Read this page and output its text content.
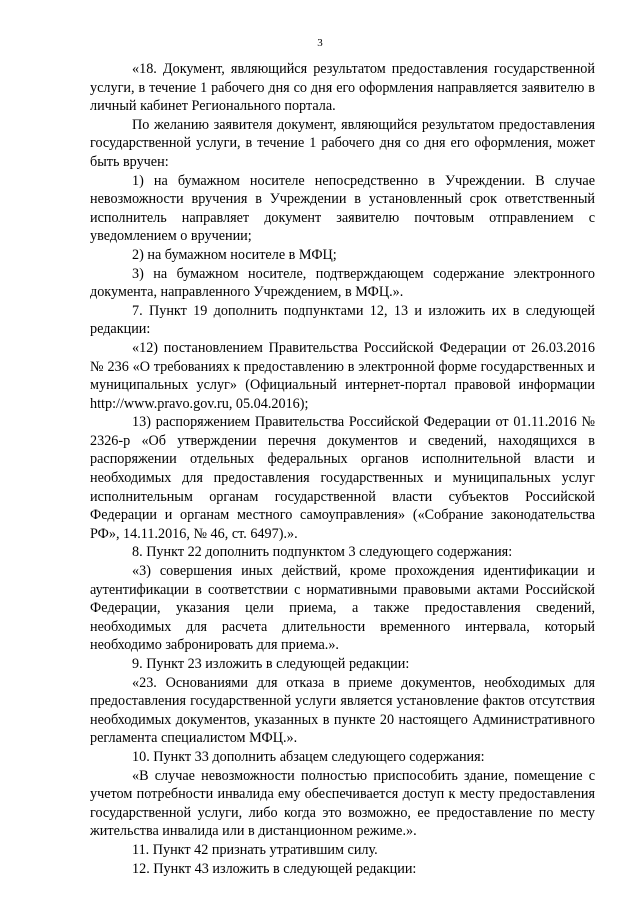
3

«18. Документ, являющийся результатом предоставления государственной услуги, в течение 1 рабочего дня со дня его оформления направляется заявителю в личный кабинет Регионального портала.

По желанию заявителя документ, являющийся результатом предоставления государственной услуги, в течение 1 рабочего дня со дня его оформления, может быть вручен:

1) на бумажном носителе непосредственно в Учреждении. В случае невозможности вручения в Учреждении в установленный срок ответственный исполнитель направляет документ заявителю почтовым отправлением с уведомлением о вручении;

2) на бумажном носителе в МФЦ;

3) на бумажном носителе, подтверждающем содержание электронного документа, направленного Учреждением, в МФЦ.».

7. Пункт 19 дополнить подпунктами 12, 13 и изложить их в следующей редакции:

«12) постановлением Правительства Российской Федерации от 26.03.2016 № 236 «О требованиях к предоставлению в электронной форме государственных и муниципальных услуг» (Официальный интернет-портал правовой информации http://www.pravo.gov.ru, 05.04.2016);

13) распоряжением Правительства Российской Федерации от 01.11.2016 № 2326-р «Об утверждении перечня документов и сведений, находящихся в распоряжении отдельных федеральных органов исполнительной власти и необходимых для предоставления государственных и муниципальных услуг исполнительным органам государственной власти субъектов Российской Федерации и органам местного самоуправления» («Собрание законодательства РФ», 14.11.2016, № 46, ст. 6497).».

8. Пункт 22 дополнить подпунктом 3 следующего содержания:

«3) совершения иных действий, кроме прохождения идентификации и аутентификации в соответствии с нормативными правовыми актами Российской Федерации, указания цели приема, а также предоставления сведений, необходимых для расчета длительности временного интервала, который необходимо забронировать для приема.».

9. Пункт 23 изложить в следующей редакции:

«23. Основаниями для отказа в приеме документов, необходимых для предоставления государственной услуги является установление фактов отсутствия необходимых документов, указанных в пункте 20 настоящего Административного регламента специалистом МФЦ.».

10. Пункт 33 дополнить абзацем следующего содержания:

«В случае невозможности полностью приспособить здание, помещение с учетом потребности инвалида ему обеспечивается доступ к месту предоставления государственной услуги, либо когда это возможно, ее предоставление по месту жительства инвалида или в дистанционном режиме.».

11. Пункт 42 признать утратившим силу.

12. Пункт 43 изложить в следующей редакции:
